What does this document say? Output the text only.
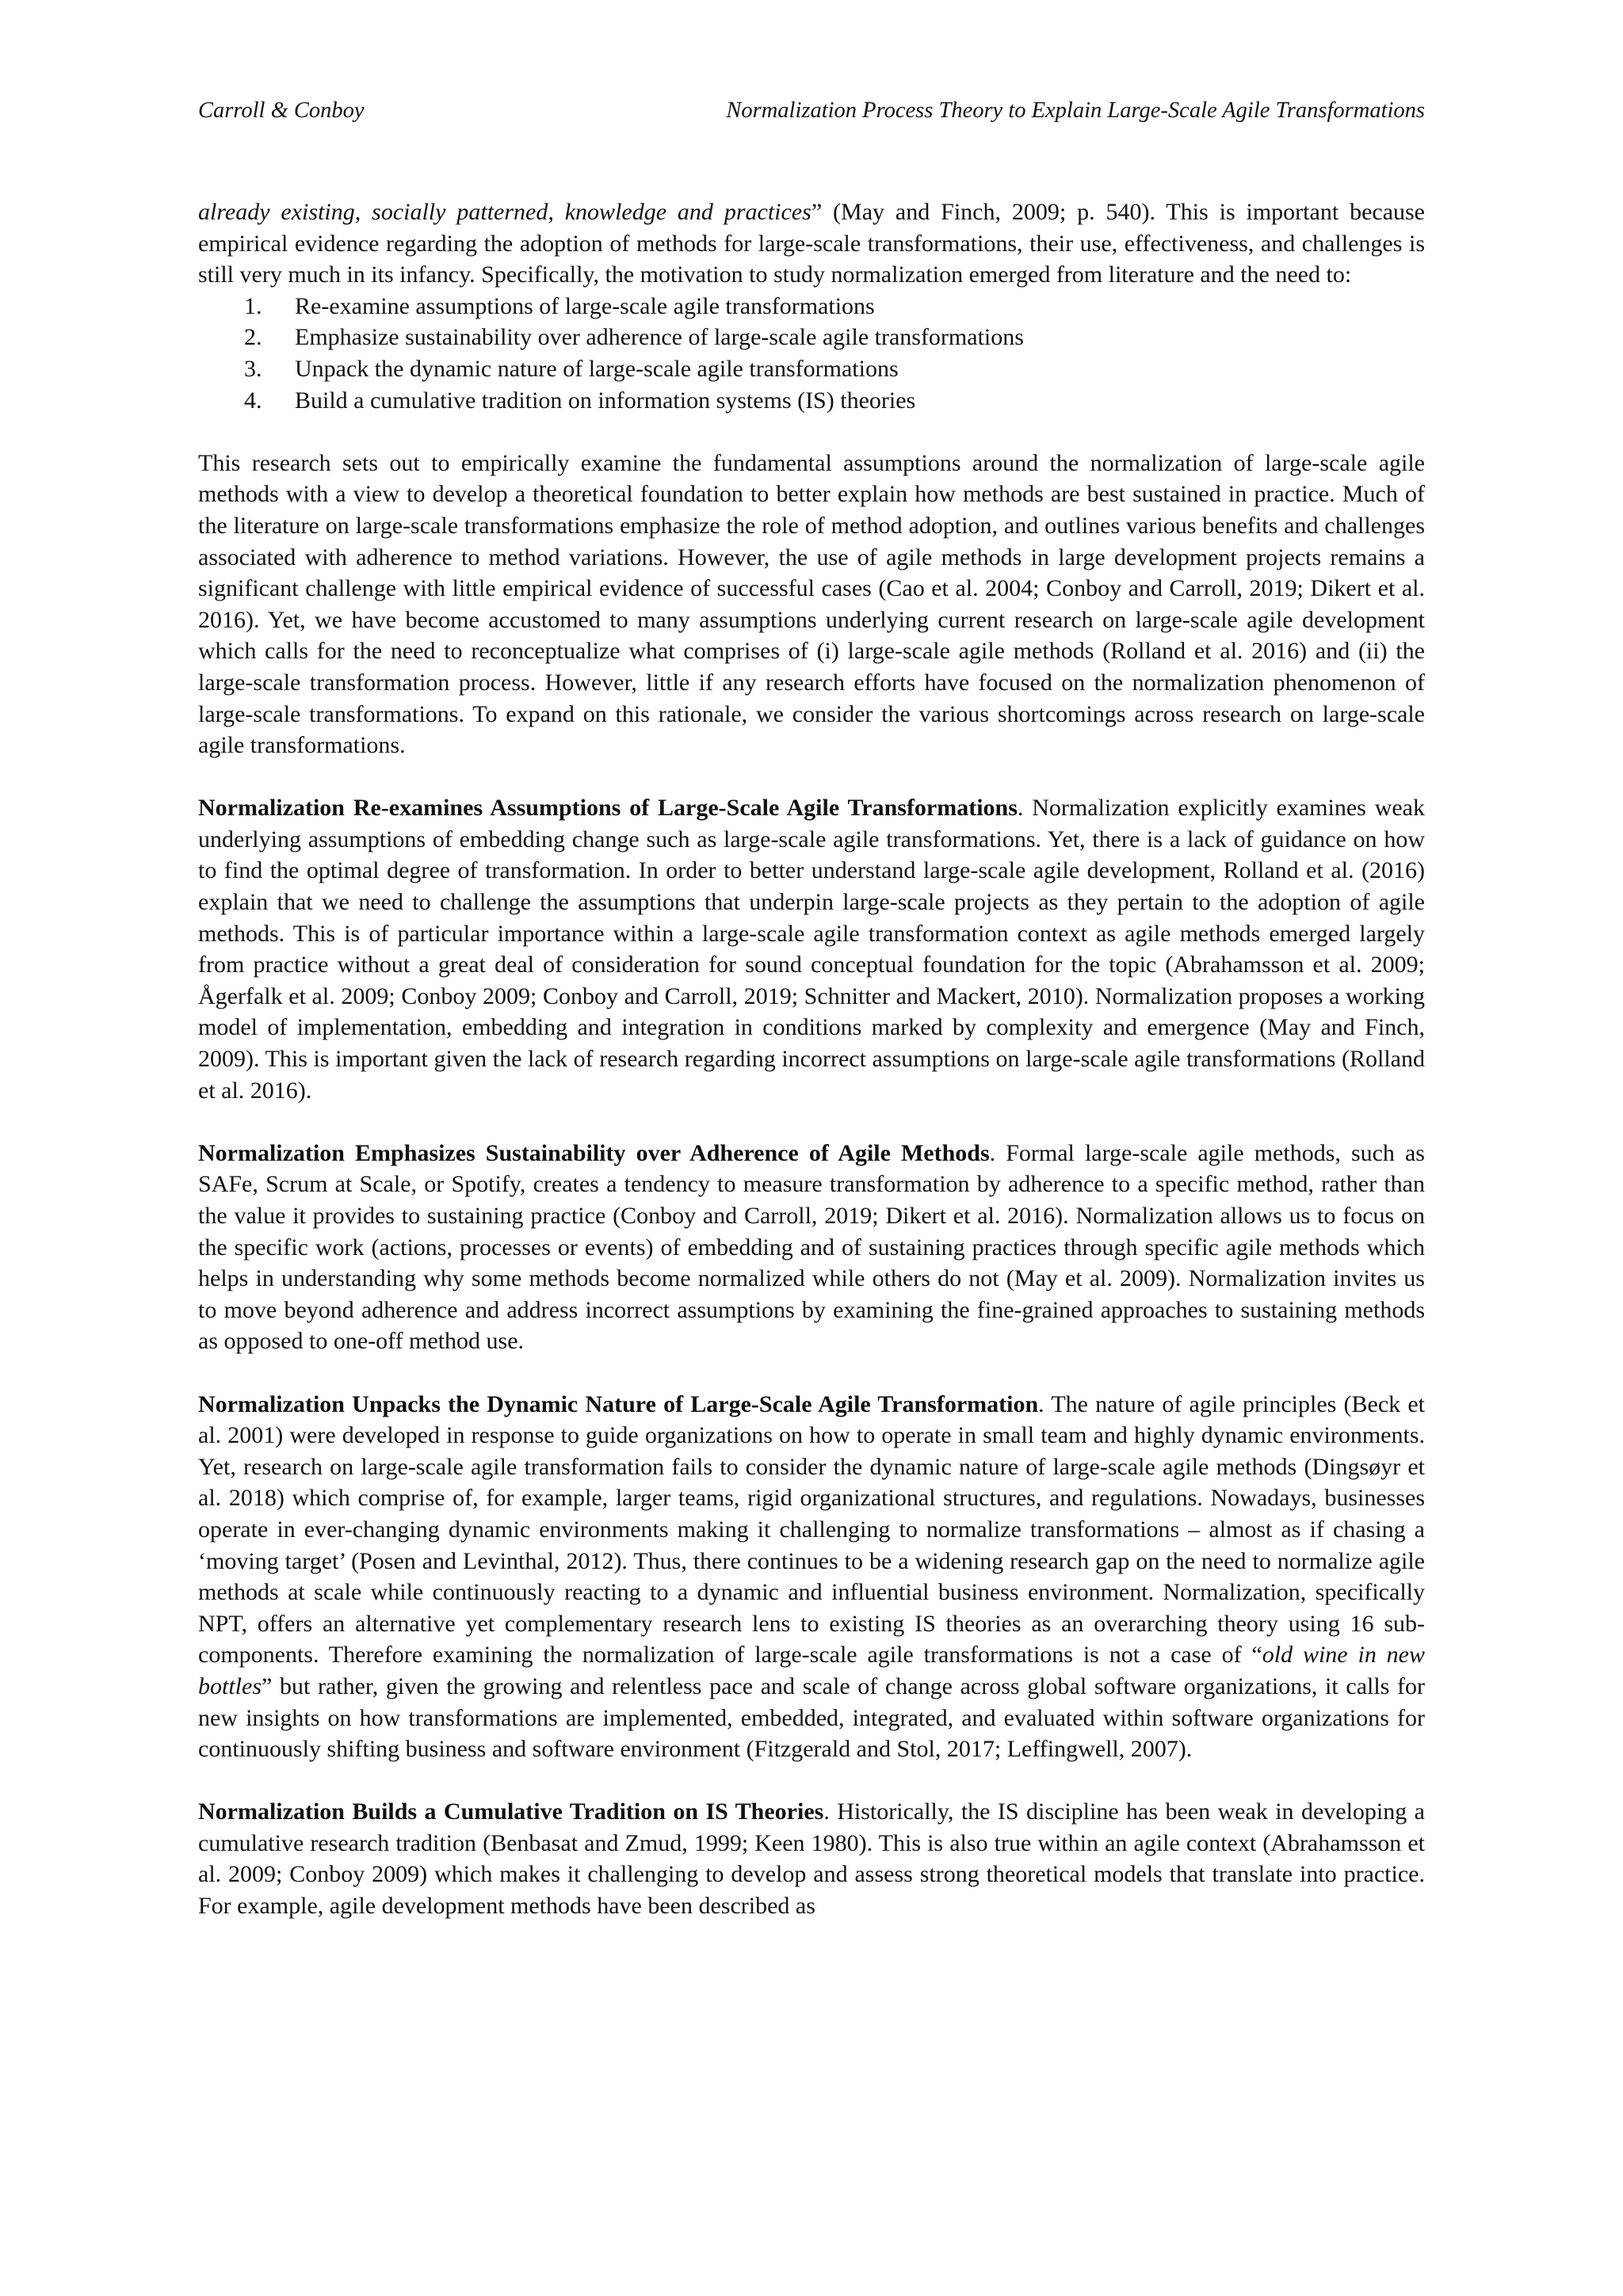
Carroll & Conboy	Normalization Process Theory to Explain Large-Scale Agile Transformations

already existing, socially patterned, knowledge and practices” (May and Finch, 2009; p. 540). This is important because empirical evidence regarding the adoption of methods for large-scale transformations, their use, effectiveness, and challenges is still very much in its infancy. Specifically, the motivation to study normalization emerged from literature and the need to:

1. Re-examine assumptions of large-scale agile transformations
2. Emphasize sustainability over adherence of large-scale agile transformations
3. Unpack the dynamic nature of large-scale agile transformations
4. Build a cumulative tradition on information systems (IS) theories

This research sets out to empirically examine the fundamental assumptions around the normalization of large-scale agile methods with a view to develop a theoretical foundation to better explain how methods are best sustained in practice. Much of the literature on large-scale transformations emphasize the role of method adoption, and outlines various benefits and challenges associated with adherence to method variations. However, the use of agile methods in large development projects remains a significant challenge with little empirical evidence of successful cases (Cao et al. 2004; Conboy and Carroll, 2019; Dikert et al. 2016). Yet, we have become accustomed to many assumptions underlying current research on large-scale agile development which calls for the need to reconceptualize what comprises of (i) large-scale agile methods (Rolland et al. 2016) and (ii) the large-scale transformation process. However, little if any research efforts have focused on the normalization phenomenon of large-scale transformations. To expand on this rationale, we consider the various shortcomings across research on large-scale agile transformations.

Normalization Re-examines Assumptions of Large-Scale Agile Transformations. Normalization explicitly examines weak underlying assumptions of embedding change such as large-scale agile transformations. Yet, there is a lack of guidance on how to find the optimal degree of transformation. In order to better understand large-scale agile development, Rolland et al. (2016) explain that we need to challenge the assumptions that underpin large-scale projects as they pertain to the adoption of agile methods. This is of particular importance within a large-scale agile transformation context as agile methods emerged largely from practice without a great deal of consideration for sound conceptual foundation for the topic (Abrahamsson et al. 2009; Ågerfalk et al. 2009; Conboy 2009; Conboy and Carroll, 2019; Schnitter and Mackert, 2010). Normalization proposes a working model of implementation, embedding and integration in conditions marked by complexity and emergence (May and Finch, 2009). This is important given the lack of research regarding incorrect assumptions on large-scale agile transformations (Rolland et al. 2016).

Normalization Emphasizes Sustainability over Adherence of Agile Methods. Formal large-scale agile methods, such as SAFe, Scrum at Scale, or Spotify, creates a tendency to measure transformation by adherence to a specific method, rather than the value it provides to sustaining practice (Conboy and Carroll, 2019; Dikert et al. 2016). Normalization allows us to focus on the specific work (actions, processes or events) of embedding and of sustaining practices through specific agile methods which helps in understanding why some methods become normalized while others do not (May et al. 2009). Normalization invites us to move beyond adherence and address incorrect assumptions by examining the fine-grained approaches to sustaining methods as opposed to one-off method use.

Normalization Unpacks the Dynamic Nature of Large-Scale Agile Transformation. The nature of agile principles (Beck et al. 2001) were developed in response to guide organizations on how to operate in small team and highly dynamic environments. Yet, research on large-scale agile transformation fails to consider the dynamic nature of large-scale agile methods (Dingsøyr et al. 2018) which comprise of, for example, larger teams, rigid organizational structures, and regulations. Nowadays, businesses operate in ever-changing dynamic environments making it challenging to normalize transformations – almost as if chasing a ‘moving target’ (Posen and Levinthal, 2012). Thus, there continues to be a widening research gap on the need to normalize agile methods at scale while continuously reacting to a dynamic and influential business environment. Normalization, specifically NPT, offers an alternative yet complementary research lens to existing IS theories as an overarching theory using 16 sub-components. Therefore examining the normalization of large-scale agile transformations is not a case of “old wine in new bottles” but rather, given the growing and relentless pace and scale of change across global software organizations, it calls for new insights on how transformations are implemented, embedded, integrated, and evaluated within software organizations for continuously shifting business and software environment (Fitzgerald and Stol, 2017; Leffingwell, 2007).

Normalization Builds a Cumulative Tradition on IS Theories. Historically, the IS discipline has been weak in developing a cumulative research tradition (Benbasat and Zmud, 1999; Keen 1980). This is also true within an agile context (Abrahamsson et al. 2009; Conboy 2009) which makes it challenging to develop and assess strong theoretical models that translate into practice. For example, agile development methods have been described as
